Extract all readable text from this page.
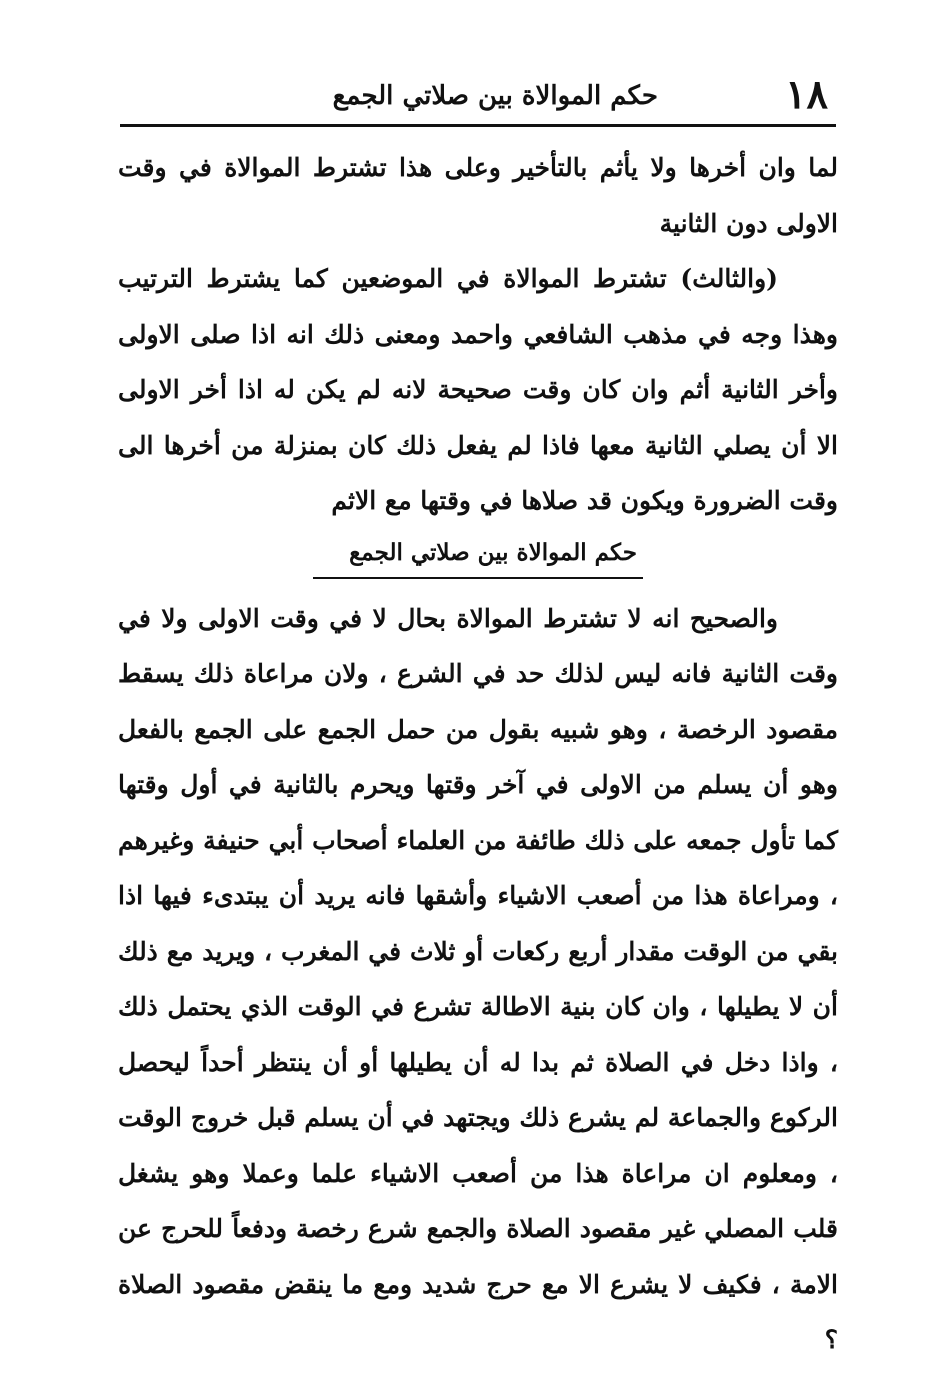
١٨
حكم الموالاة بين صلاتي الجمع

لما وان أخرها ولا يأثم بالتأخير وعلى هذا تشترط الموالاة في وقت الاولى دون الثانية

(والثالث) تشترط الموالاة في الموضعين كما يشترط الترتيب وهذا وجه في مذهب الشافعي واحمد ومعنى ذلك انه اذا صلى الاولى وأخر الثانية أثم وان كان وقت صحيحة لانه لم يكن له اذا أخر الاولى الا أن يصلي الثانية معها فاذا لم يفعل ذلك كان بمنزلة من أخرها الى وقت الضرورة ويكون قد صلاها في وقتها مع الاثم

حكم الموالاة بين صلاتي الجمع

والصحيح انه لا تشترط الموالاة بحال لا في وقت الاولى ولا في وقت الثانية فانه ليس لذلك حد في الشرع ، ولان مراعاة ذلك يسقط مقصود الرخصة ، وهو شبيه بقول من حمل الجمع على الجمع بالفعل وهو أن يسلم من الاولى في آخر وقتها ويحرم بالثانية في أول وقتها كما تأول جمعه على ذلك طائفة من العلماء أصحاب أبي حنيفة وغيرهم ، ومراعاة هذا من أصعب الاشياء وأشقها فانه يريد أن يبتدىء فيها اذا بقي من الوقت مقدار أربع ركعات أو ثلاث في المغرب ، ويريد مع ذلك أن لا يطيلها ، وان كان بنية الاطالة تشرع في الوقت الذي يحتمل ذلك ، واذا دخل في الصلاة ثم بدا له أن يطيلها أو أن ينتظر أحداً ليحصل الركوع والجماعة لم يشرع ذلك ويجتهد في أن يسلم قبل خروج الوقت ، ومعلوم ان مراعاة هذا من أصعب الاشياء علما وعملا وهو يشغل قلب المصلي غير مقصود الصلاة والجمع شرع رخصة ودفعاً للحرج عن الامة ، فكيف لا يشرع الا مع حرج شديد ومع ما ينقض مقصود الصلاة ؟
